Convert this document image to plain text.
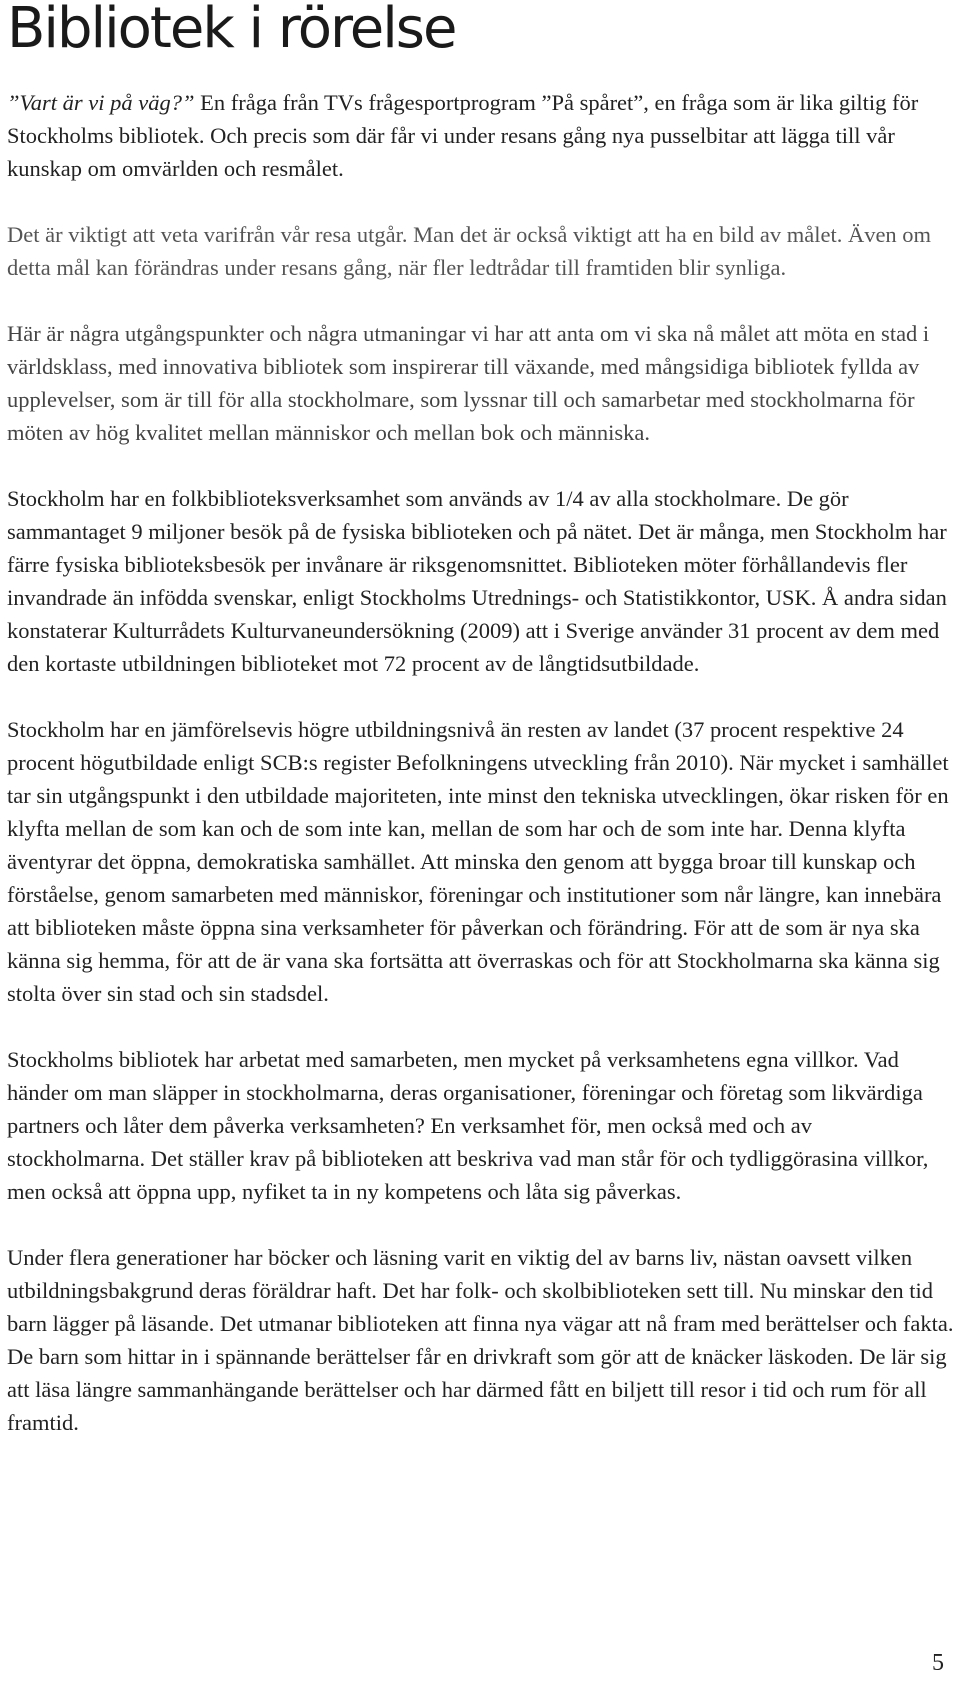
Bibliotek i rörelse

”Vart är vi på väg?” En fråga från TVs frågesportprogram ”På spåret”, en fråga som är lika giltig för Stockholms bibliotek. Och precis som där får vi under resans gång nya pusselbitar att lägga till vår kunskap om omvärlden och resmålet.

Det är viktigt att veta varifrån vår resa utgår. Man det är också viktigt att ha en bild av målet. Även om detta mål kan förändras under resans gång, när fler ledtrådar till framtiden blir synliga.

Här är några utgångspunkter och några utmaningar vi har att anta om vi ska nå målet att möta en stad i världsklass, med innovativa bibliotek som inspirerar till växande, med mångsidiga bibliotek fyllda av upplevelser, som är till för alla stockholmare, som lyssnar till och samarbetar med stockholmarna för möten av hög kvalitet mellan människor och mellan bok och människa.

Stockholm har en folkbiblioteksverksamhet som används av 1/4 av alla stockholmare. De gör sammantaget 9 miljoner besök på de fysiska biblioteken och på nätet. Det är många, men Stockholm har färre fysiska biblioteksbesök per invånare är riksgenomsnittet. Biblioteken möter förhållandevis fler invandrade än infödda svenskar, enligt Stockholms Utrednings- och Statistikkontor, USK. Å andra sidan konstaterar Kulturrådets Kulturvaneundersökning (2009) att i Sverige använder 31 procent av dem med den kortaste utbildningen biblioteket mot 72 procent av de långtidsutbildade.

Stockholm har en jämförelsevis högre utbildningsnivå än resten av landet (37 procent respektive 24 procent högutbildade enligt SCB:s register Befolkningens utveckling från 2010). När mycket i samhället tar sin utgångspunkt i den utbildade majoriteten, inte minst den tekniska utvecklingen, ökar risken för en klyfta mellan de som kan och de som inte kan, mellan de som har och de som inte har. Denna klyfta äventyrar det öppna, demokratiska samhället. Att minska den genom att bygga broar till kunskap och förståelse, genom samarbeten med människor, föreningar och institutioner som når längre, kan innebära att biblioteken måste öppna sina verksamheter för påverkan och förändring. För att de som är nya ska känna sig hemma, för att de är vana ska fortsätta att överraskas och för att Stockholmarna ska känna sig stolta över sin stad och sin stadsdel.

Stockholms bibliotek har arbetat med samarbeten, men mycket på verksamhetens egna villkor. Vad händer om man släpper in stockholmarna, deras organisationer, föreningar och företag som likvärdiga partners och låter dem påverka verksamheten? En verksamhet för, men också med och av stockholmarna. Det ställer krav på biblioteken att beskriva vad man står för och tydliggörasina villkor, men också att öppna upp, nyfiket ta in ny kompetens och låta sig påverkas.

Under flera generationer har böcker och läsning varit en viktig del av barns liv, nästan oavsett vilken utbildningsbakgrund deras föräldrar haft. Det har folk- och skolbiblioteken sett till. Nu minskar den tid barn lägger på läsande. Det utmanar biblioteken att finna nya vägar att nå fram med berättelser och fakta. De barn som hittar in i spännande berättelser får en drivkraft som gör att de knäcker läskoden. De lär sig att läsa längre sammanhängande berättelser och har därmed fått en biljett till resor i tid och rum för all framtid.

5
